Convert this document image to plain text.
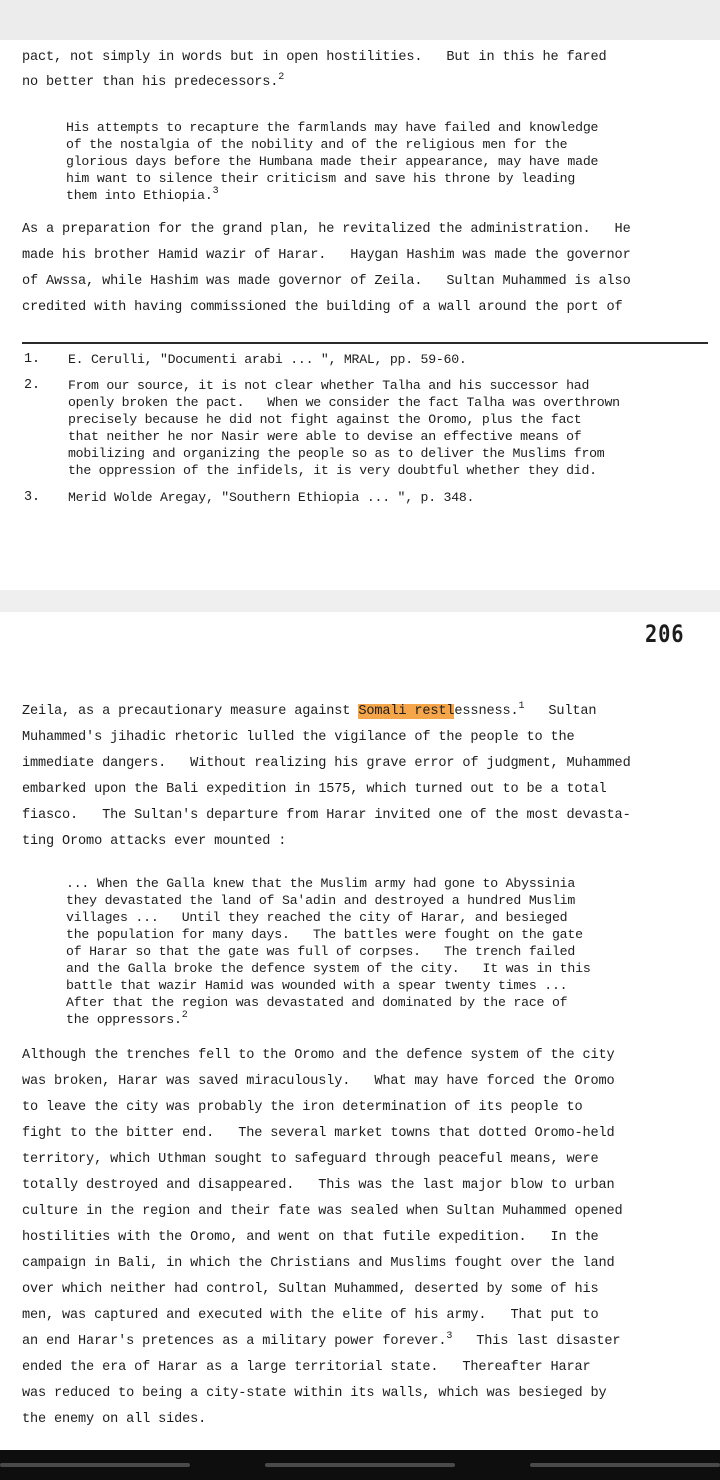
pact, not simply in words but in open hostilities.   But in this he fared

no better than his predecessors.$^2$

His attempts to recapture the farmlands may have failed and knowledge

of the nostalgia of the nobility and of the religious men for the

glorious days before the Humbana made their appearance, may have made

him want to silence their criticism and save his throne by leading

them into Ethiopia.$^3$

As a preparation for the grand plan, he revitalized the administration.   He

made his brother Hamid wazir of Harar.   Haygan Hashim was made the governor

of Awssa, while Hashim was made governor of Zeila.   Sultan Muhammed is also

credited with having commissioned the building of a wall around the port of

1. E. Cerulli, "Documenti arabi ... ", MRAL, pp. 59-60.

2. From our source, it is not clear whether Talha and his successor had

openly broken the pact.   When we consider the fact Talha was overthrown

precisely because he did not fight against the Oromo, plus the fact

that neither he nor Nasir were able to devise an effective means of

mobilizing and organizing the people so as to deliver the Muslims from

the oppression of the infidels, it is very doubtful whether they did.

3. Merid Wolde Aregay, "Southern Ethiopia ... ", p. 348.

206

Zeila, as a precautionary measure against Somali restlessness.$^1$   Sultan

Muhammed's jihadic rhetoric lulled the vigilance of the people to the

immediate dangers.   Without realizing his grave error of judgment, Muhammed

embarked upon the Bali expedition in 1575, which turned out to be a total

fiasco.   The Sultan's departure from Harar invited one of the most devasta-

ting Oromo attacks ever mounted :

... When the Galla knew that the Muslim army had gone to Abyssinia

they devastated the land of Sa'adin and destroyed a hundred Muslim

villages ...   Until they reached the city of Harar, and besieged

the population for many days.   The battles were fought on the gate

of Harar so that the gate was full of corpses.   The trench failed

and the Galla broke the defence system of the city.   It was in this

battle that wazir Hamid was wounded with a spear twenty times ...

After that the region was devastated and dominated by the race of

the oppressors.$^2$

Although the trenches fell to the Oromo and the defence system of the city

was broken, Harar was saved miraculously.   What may have forced the Oromo

to leave the city was probably the iron determination of its people to

fight to the bitter end.   The several market towns that dotted Oromo-held

territory, which Uthman sought to safeguard through peaceful means, were

totally destroyed and disappeared.   This was the last major blow to urban

culture in the region and their fate was sealed when Sultan Muhammed opened

hostilities with the Oromo, and went on that futile expedition.   In the

campaign in Bali, in which the Christians and Muslims fought over the land

over which neither had control, Sultan Muhammed, deserted by some of his

men, was captured and executed with the elite of his army.   That put to

an end Harar's pretences as a military power forever.$^3$   This last disaster

ended the era of Harar as a large territorial state.   Thereafter Harar

was reduced to being a city-state within its walls, which was besieged by

the enemy on all sides.
